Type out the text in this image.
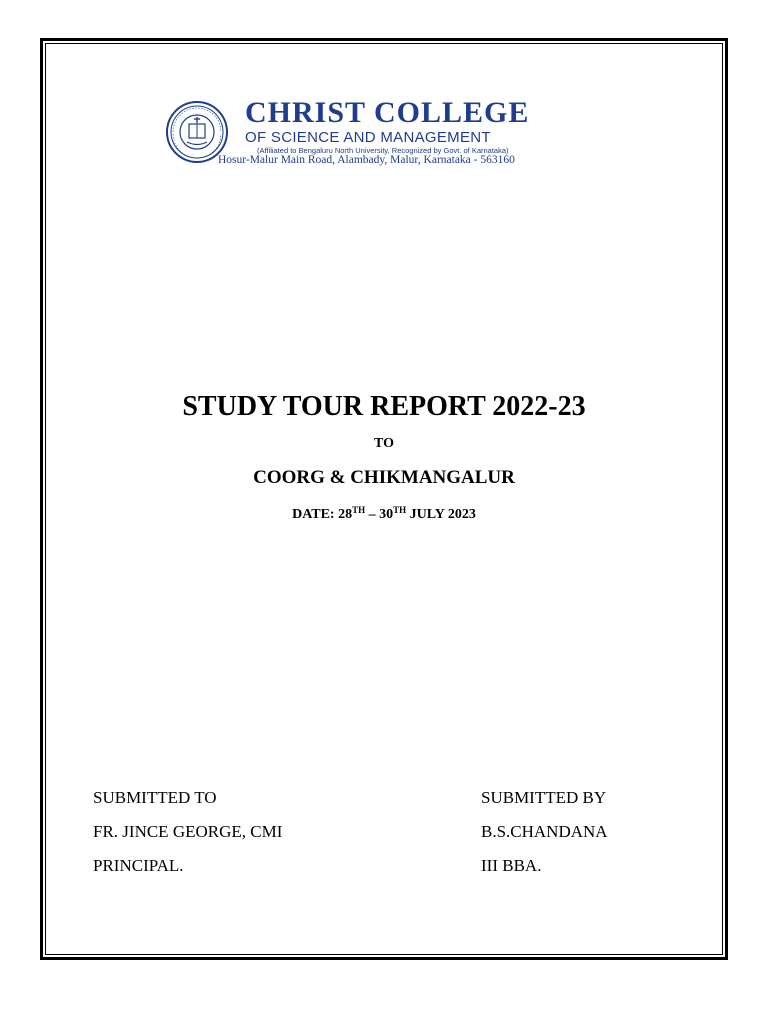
CHRIST COLLEGE
OF SCIENCE AND MANAGEMENT
(Affiliated to Bengaluru North University, Recognized by Govt. of Karnataka)
Hosur-Malur Main Road, Alambady, Malur, Karnataka - 563160
STUDY TOUR REPORT 2022-23
TO
COORG & CHIKMANGALUR
DATE: 28TH – 30TH JULY 2023
SUBMITTED TO
FR. JINCE GEORGE, CMI
PRINCIPAL.
SUBMITTED BY
B.S.CHANDANA
III BBA.
